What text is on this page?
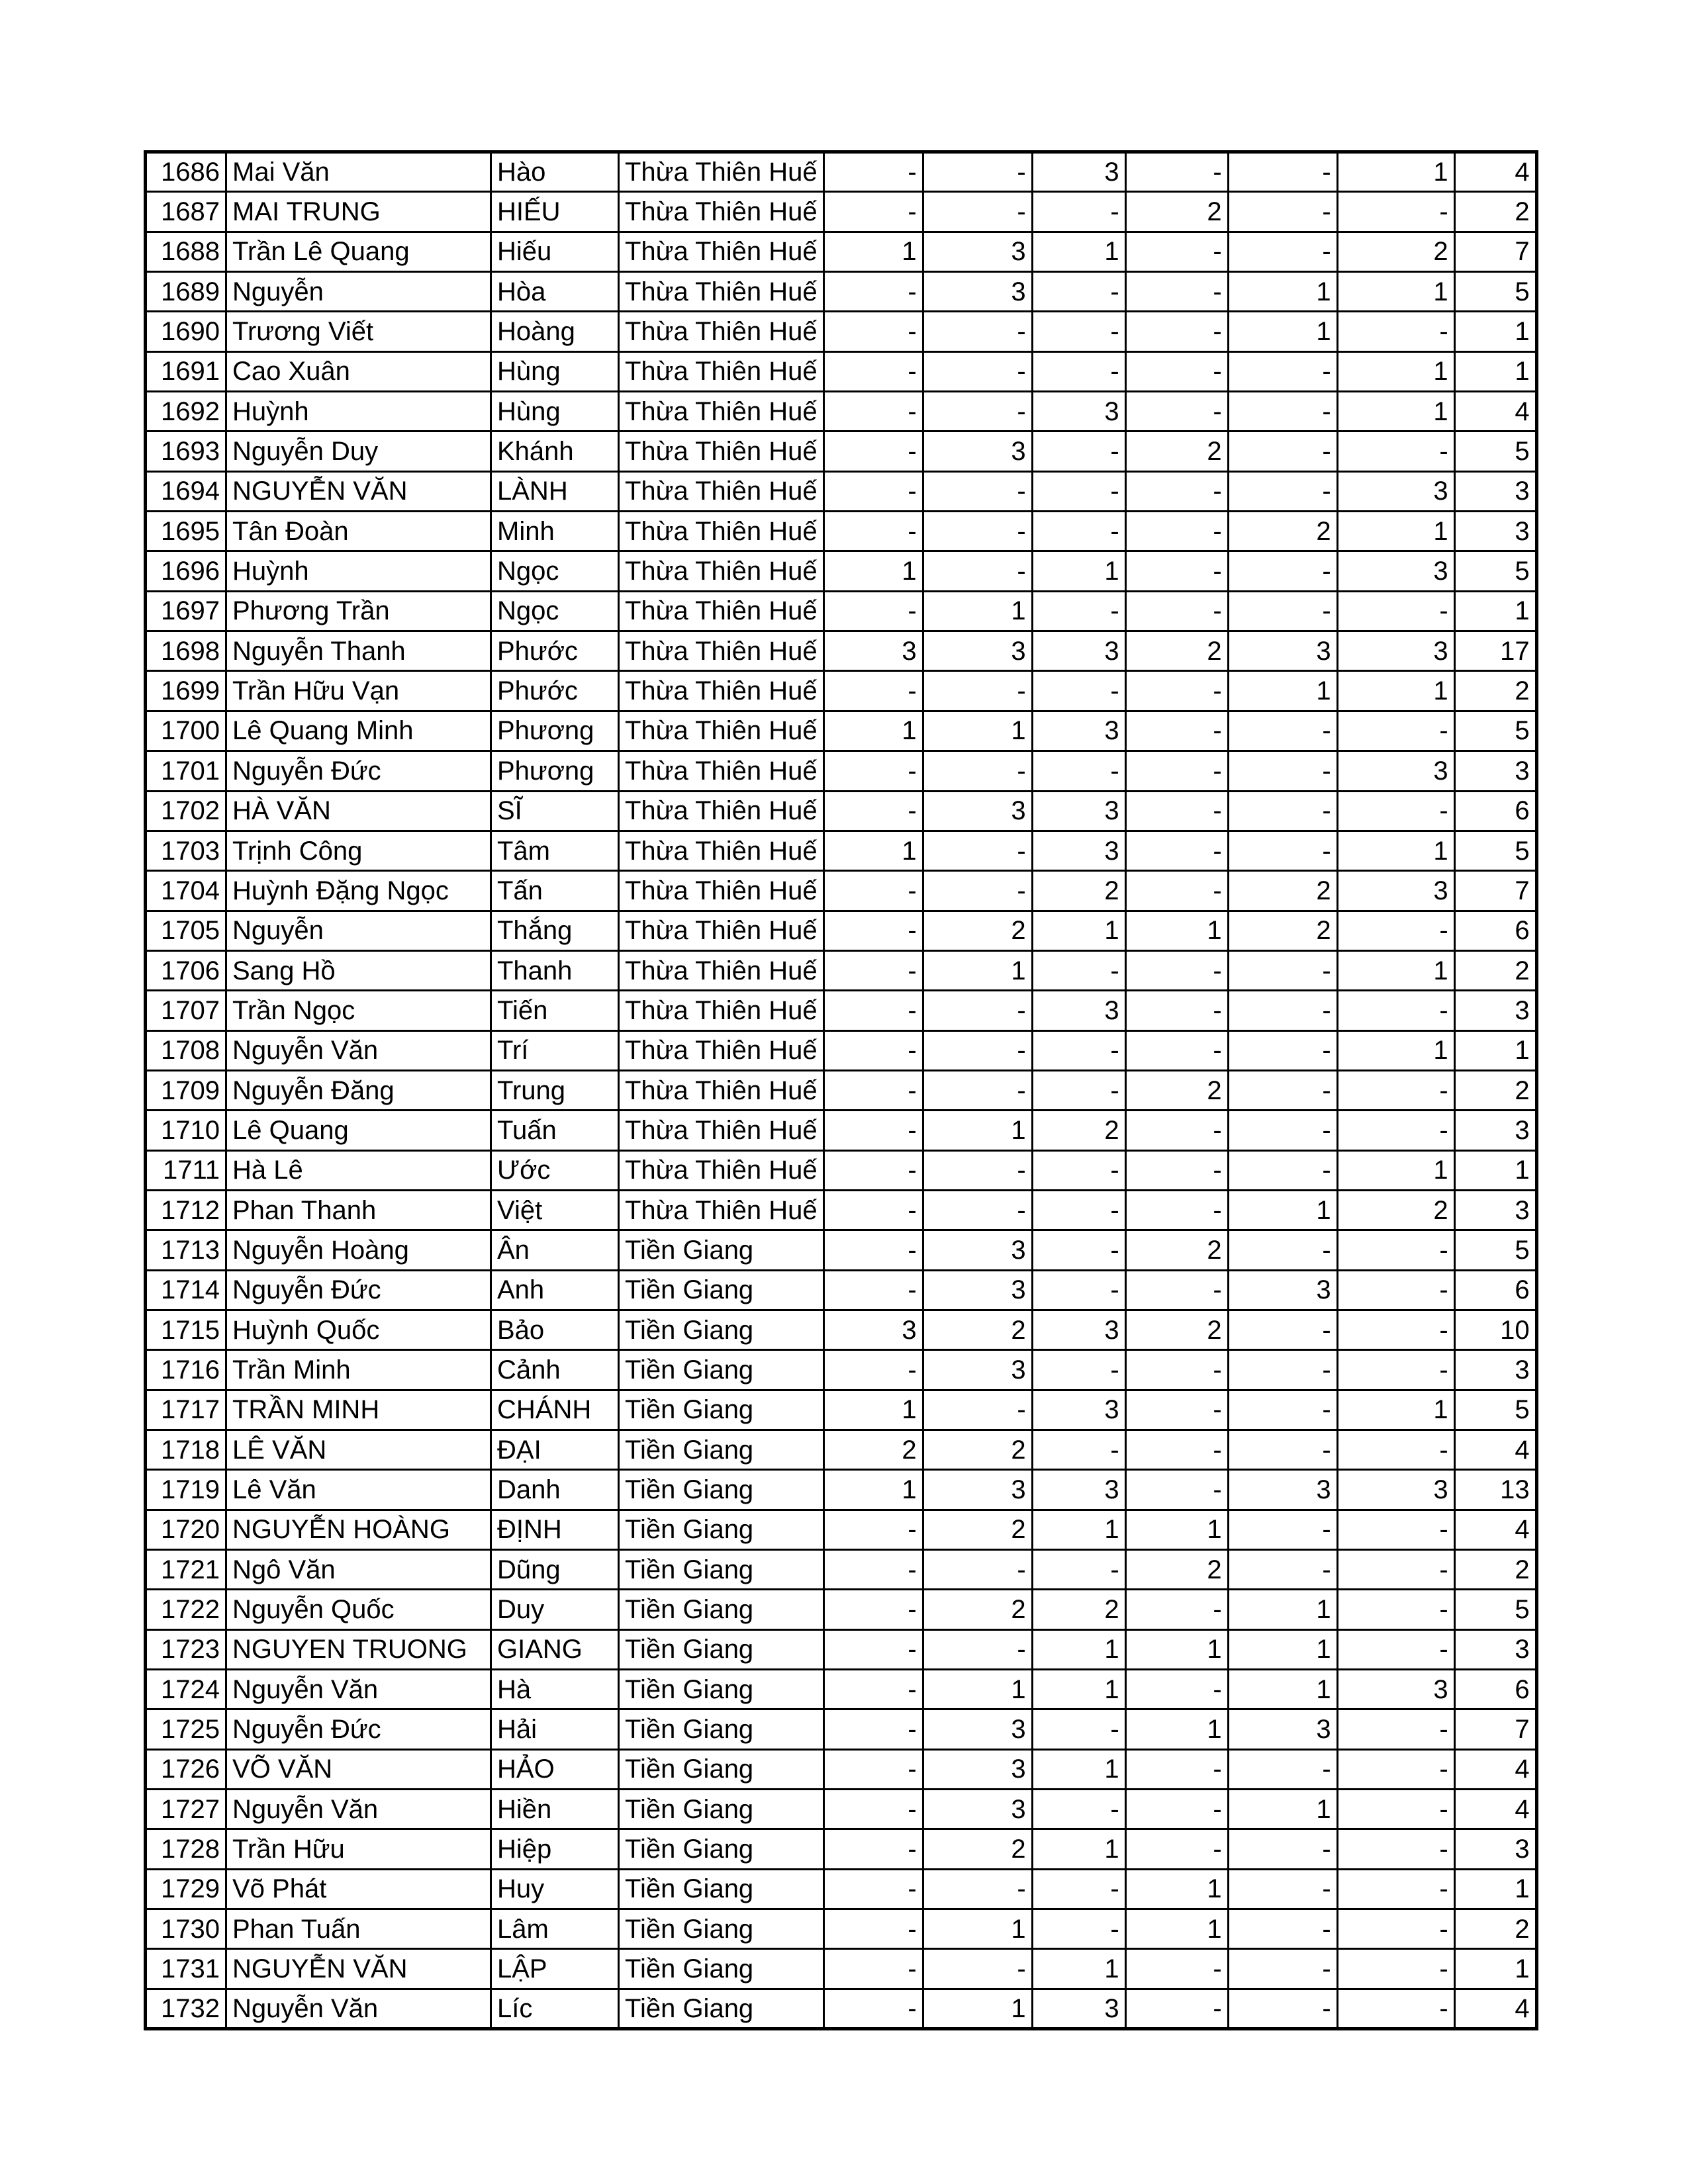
1686	Mai Văn	Hào	Thừa Thiên Huế	-	-	3	-	-	1	4
1687	MAI TRUNG	HIẾU	Thừa Thiên Huế	-	-	-	2	-	-	2
1688	Trần Lê Quang	Hiếu	Thừa Thiên Huế	1	3	1	-	-	2	7
1689	Nguyễn	Hòa	Thừa Thiên Huế	-	3	-	-	1	1	5
1690	Trương Viết	Hoàng	Thừa Thiên Huế	-	-	-	-	1	-	1
1691	Cao Xuân	Hùng	Thừa Thiên Huế	-	-	-	-	-	1	1
1692	Huỳnh	Hùng	Thừa Thiên Huế	-	-	3	-	-	1	4
1693	Nguyễn Duy	Khánh	Thừa Thiên Huế	-	3	-	2	-	-	5
1694	NGUYỄN VĂN	LÀNH	Thừa Thiên Huế	-	-	-	-	-	3	3
1695	Tân Đoàn	Minh	Thừa Thiên Huế	-	-	-	-	2	1	3
1696	Huỳnh	Ngọc	Thừa Thiên Huế	1	-	1	-	-	3	5
1697	Phương Trần	Ngọc	Thừa Thiên Huế	-	1	-	-	-	-	1
1698	Nguyễn Thanh	Phước	Thừa Thiên Huế	3	3	3	2	3	3	17
1699	Trần Hữu Vạn	Phước	Thừa Thiên Huế	-	-	-	-	1	1	2
1700	Lê Quang Minh	Phương	Thừa Thiên Huế	1	1	3	-	-	-	5
1701	Nguyễn Đức	Phương	Thừa Thiên Huế	-	-	-	-	-	3	3
1702	HÀ VĂN	SĨ	Thừa Thiên Huế	-	3	3	-	-	-	6
1703	Trịnh Công	Tâm	Thừa Thiên Huế	1	-	3	-	-	1	5
1704	Huỳnh Đặng Ngọc	Tấn	Thừa Thiên Huế	-	-	2	-	2	3	7
1705	Nguyễn	Thắng	Thừa Thiên Huế	-	2	1	1	2	-	6
1706	Sang Hồ	Thanh	Thừa Thiên Huế	-	1	-	-	-	1	2
1707	Trần Ngọc	Tiến	Thừa Thiên Huế	-	-	3	-	-	-	3
1708	Nguyễn Văn	Trí	Thừa Thiên Huế	-	-	-	-	-	1	1
1709	Nguyễn Đăng	Trung	Thừa Thiên Huế	-	-	-	2	-	-	2
1710	Lê Quang	Tuấn	Thừa Thiên Huế	-	1	2	-	-	-	3
1711	Hà Lê	Ước	Thừa Thiên Huế	-	-	-	-	-	1	1
1712	Phan Thanh	Việt	Thừa Thiên Huế	-	-	-	-	1	2	3
1713	Nguyễn Hoàng	Ân	Tiền Giang	-	3	-	2	-	-	5
1714	Nguyễn Đức	Anh	Tiền Giang	-	3	-	-	3	-	6
1715	Huỳnh Quốc	Bảo	Tiền Giang	3	2	3	2	-	-	10
1716	Trần Minh	Cảnh	Tiền Giang	-	3	-	-	-	-	3
1717	TRẦN MINH	CHÁNH	Tiền Giang	1	-	3	-	-	1	5
1718	LÊ VĂN	ĐẠI	Tiền Giang	2	2	-	-	-	-	4
1719	Lê Văn	Danh	Tiền Giang	1	3	3	-	3	3	13
1720	NGUYỄN HOÀNG	ĐỊNH	Tiền Giang	-	2	1	1	-	-	4
1721	Ngô Văn	Dũng	Tiền Giang	-	-	-	2	-	-	2
1722	Nguyễn Quốc	Duy	Tiền Giang	-	2	2	-	1	-	5
1723	NGUYEN TRUONG	GIANG	Tiền Giang	-	-	1	1	1	-	3
1724	Nguyễn Văn	Hà	Tiền Giang	-	1	1	-	1	3	6
1725	Nguyễn Đức	Hải	Tiền Giang	-	3	-	1	3	-	7
1726	VÕ VĂN	HẢO	Tiền Giang	-	3	1	-	-	-	4
1727	Nguyễn Văn	Hiền	Tiền Giang	-	3	-	-	1	-	4
1728	Trần Hữu	Hiệp	Tiền Giang	-	2	1	-	-	-	3
1729	Võ Phát	Huy	Tiền Giang	-	-	-	1	-	-	1
1730	Phan Tuấn	Lâm	Tiền Giang	-	1	-	1	-	-	2
1731	NGUYỄN VĂN	LẬP	Tiền Giang	-	-	1	-	-	-	1
1732	Nguyễn Văn	Líc	Tiền Giang	-	1	3	-	-	-	4
